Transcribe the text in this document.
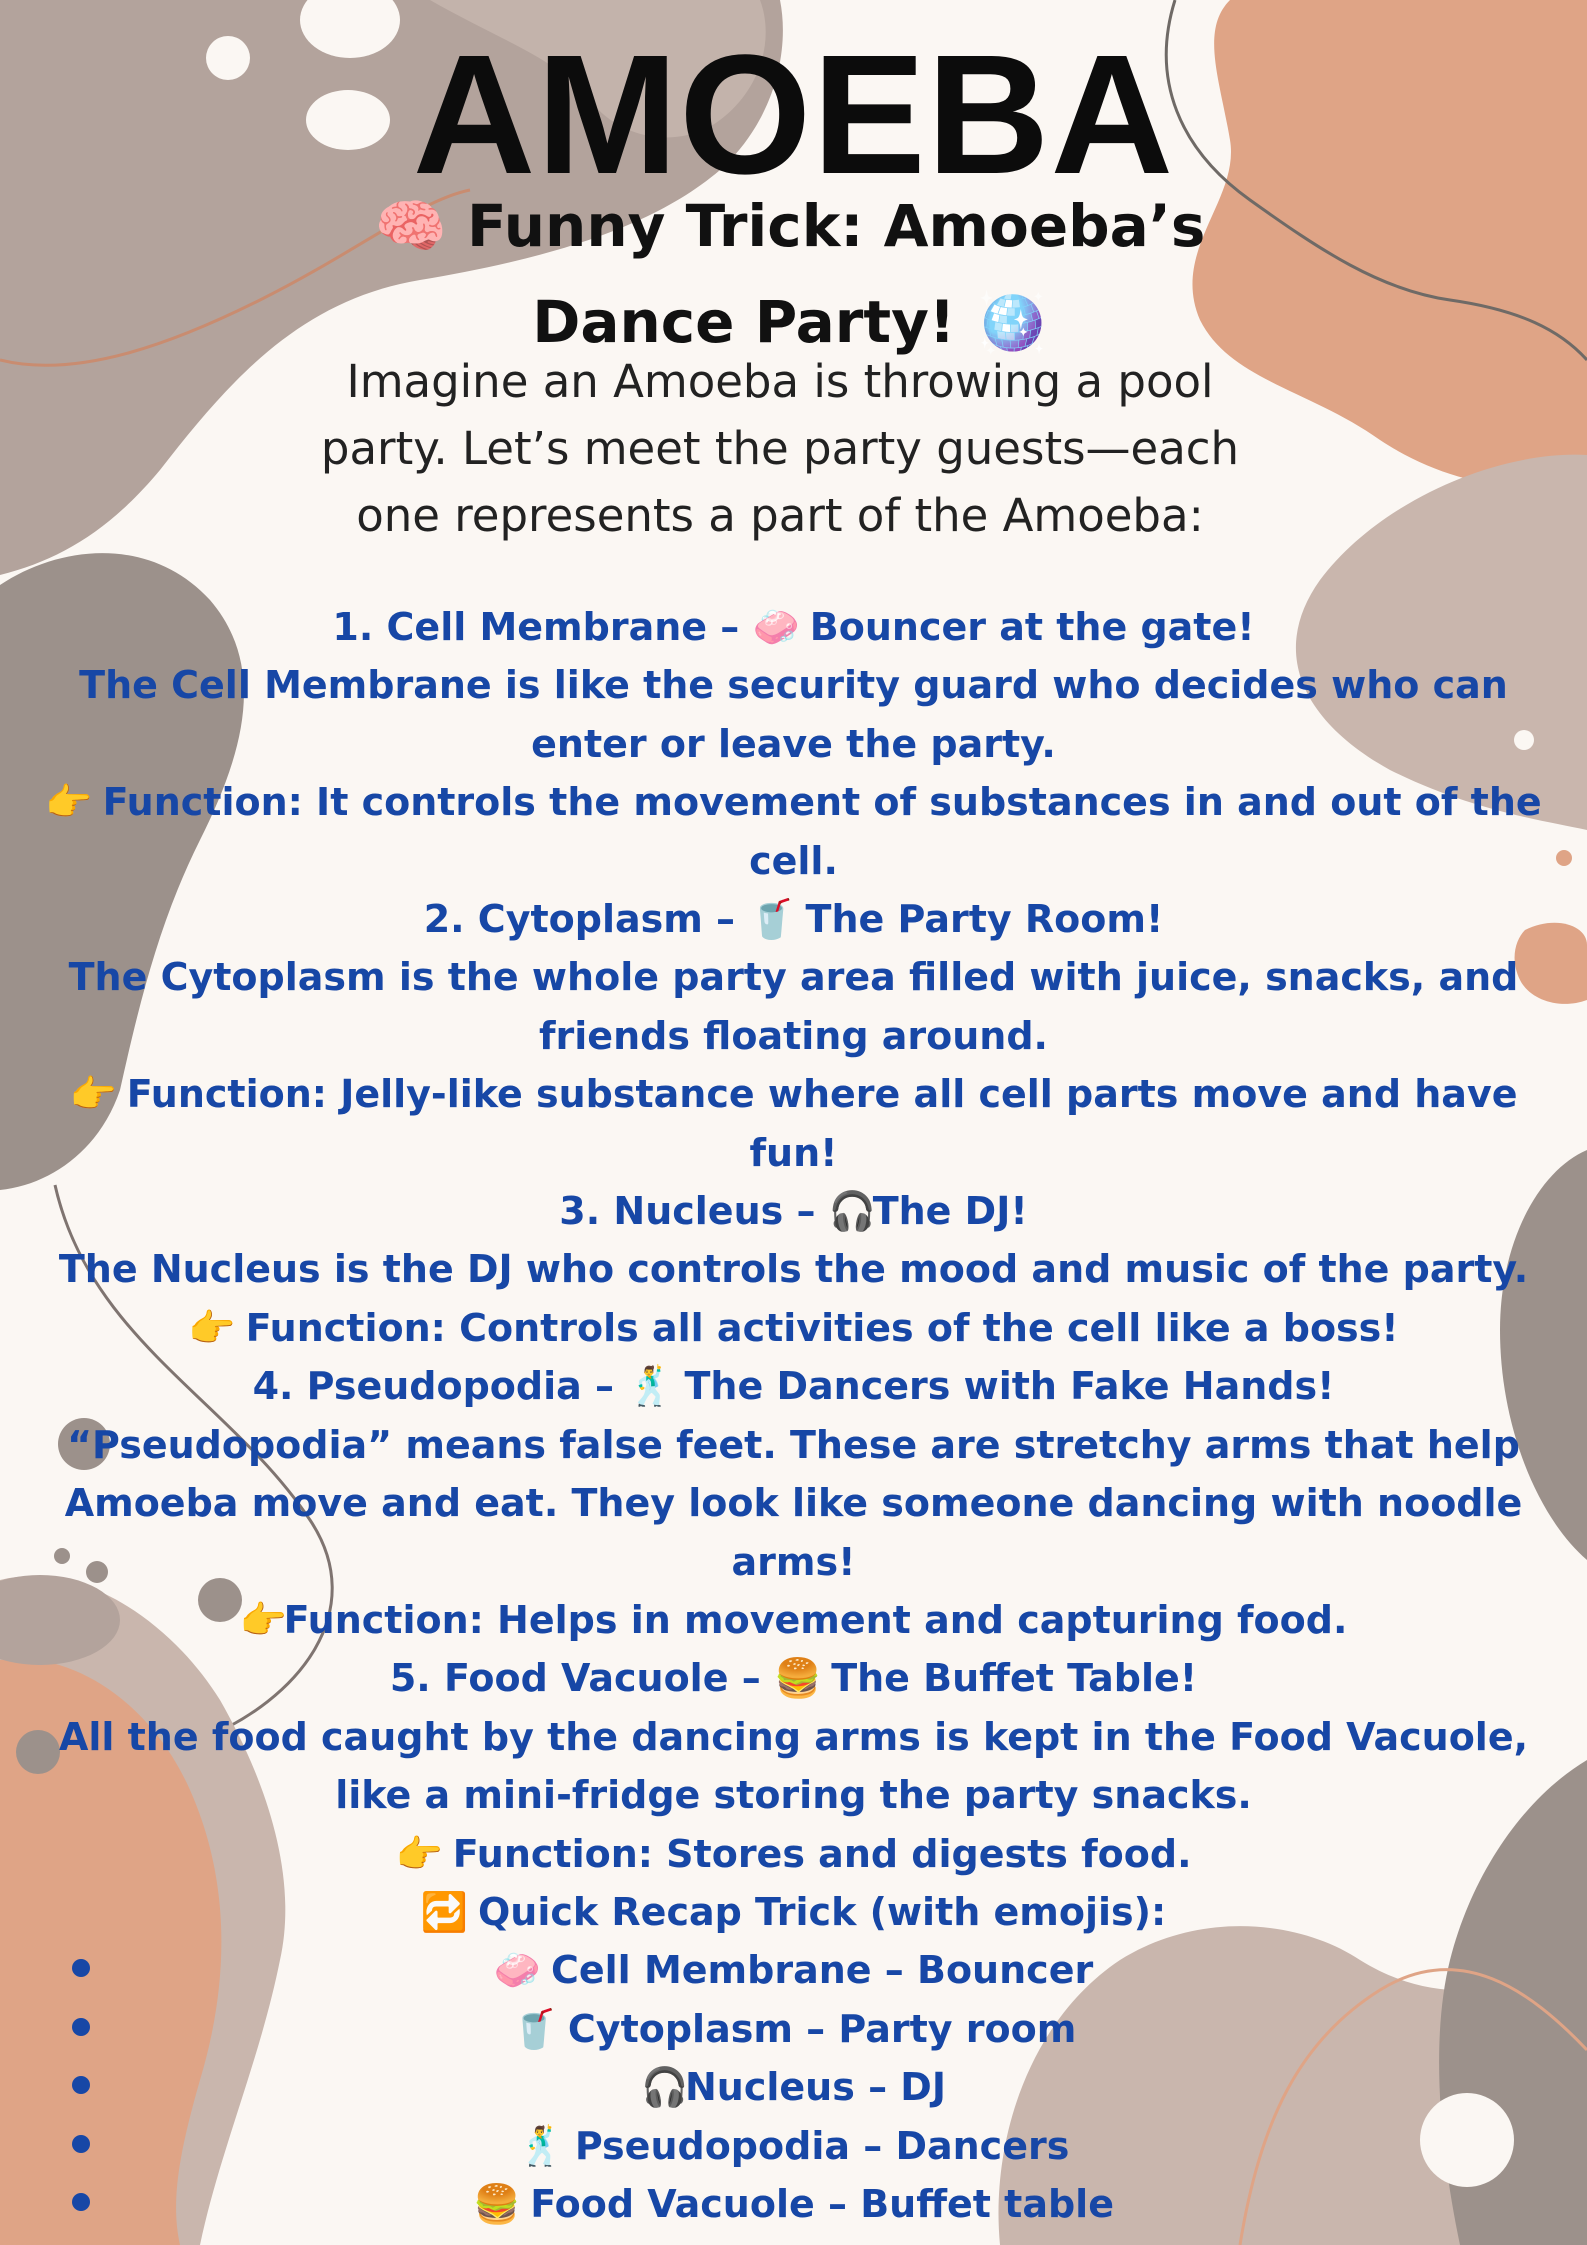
AMOEBA
🧠 Funny Trick: Amoeba’s Dance Party! 🪩

Imagine an Amoeba is throwing a pool party. Let’s meet the party guests—each one represents a part of the Amoeba:

1. Cell Membrane – 🧼 Bouncer at the gate!

The Cell Membrane is like the security guard who decides who can enter or leave the party.

👉 Function: It controls the movement of substances in and out of the cell.

2. Cytoplasm – 🥤 The Party Room!

The Cytoplasm is the whole party area filled with juice, snacks, and friends floating around.

👉 Function: Jelly-like substance where all cell parts move and have fun!

3. Nucleus – 🎧The DJ!

The Nucleus is the DJ who controls the mood and music of the party.

👉 Function: Controls all activities of the cell like a boss!

4. Pseudopodia – 🕺 The Dancers with Fake Hands!

“Pseudopodia” means false feet. These are stretchy arms that help Amoeba move and eat. They look like someone dancing with noodle arms!

👉Function: Helps in movement and capturing food.

5. Food Vacuole – 🍔 The Buffet Table!

All the food caught by the dancing arms is kept in the Food Vacuole, like a mini-fridge storing the party snacks.

👉 Function: Stores and digests food.

🔁 Quick Recap Trick (with emojis):

🧼 Cell Membrane – Bouncer
🥤 Cytoplasm – Party room
🎧Nucleus – DJ
🕺 Pseudopodia – Dancers
🍔 Food Vacuole – Buffet table
